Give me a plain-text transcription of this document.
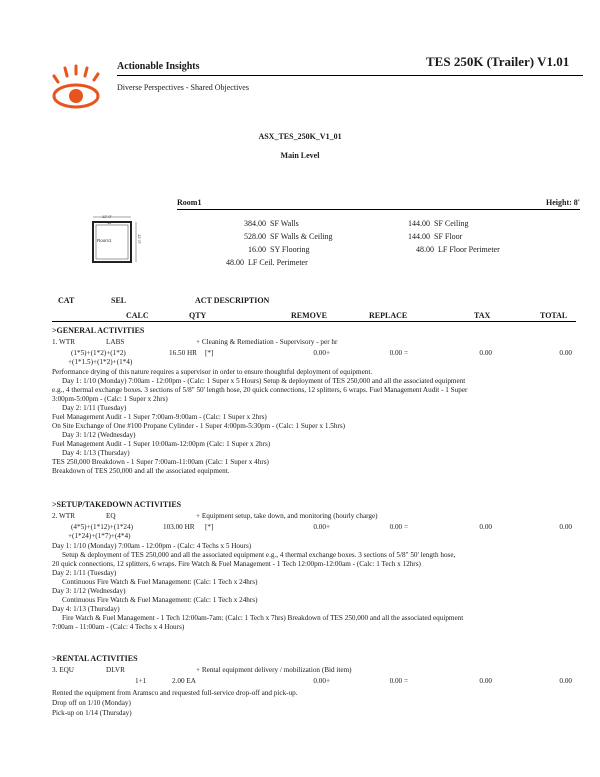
Actionable Insights
Diverse Perspectives - Shared Objectives
TES 250K (Trailer) V1.01
ASX_TES_250K_V1_01
Main Level
Room1	Height: 8'
12' 0"
12'
12' 0"
Room1
384.00 SF Walls
528.00 SF Walls & Ceiling
16.00 SY Flooring
48.00 LF Ceil. Perimeter
144.00 SF Ceiling
144.00 SF Floor
48.00 LF Floor Perimeter
CAT	SEL	ACT DESCRIPTION
CALC	QTY	REMOVE	REPLACE	TAX	TOTAL
>GENERAL ACTIVITIES
1. WTR	LABS	+ Cleaning & Remediation - Supervisory - per hr
(1*5)+(1*2)+(1*2)	16.50 HR [*]	0.00+	0.00 =	0.00	0.00
+(1*1.5)+(1*2)+(1*4)
Performance drying of this nature requires a supervisor in order to ensure thoughtful deployment of equipment.
Day 1: 1/10 (Monday) 7:00am - 12:00pm - (Calc: 1 Super x 5 Hours) Setup & deployment of TES 250,000 and all the associated equipment
e.g., 4 thermal exchange boxes. 3 sections of 5/8" 50' length hose, 20 quick connections, 12 splitters, 6 wraps. Fuel Management Audit - 1 Super
3:00pm-5:00pm - (Calc: 1 Super x 2hrs)
Day 2: 1/11 (Tuesday)
Fuel Management Audit - 1 Super 7:00am-9:00am - (Calc: 1 Super x 2hrs)
On Site Exchange of One #100 Propane Cylinder - 1 Super 4:00pm-5:30pm - (Calc: 1 Super x 1.5hrs)
Day 3: 1/12 (Wednesday)
Fuel Management Audit - 1 Super 10:00am-12:00pm (Calc: 1 Super x 2hrs)
Day 4: 1/13 (Thursday)
TES 250,000 Breakdown - 1 Super 7:00am-11:00am (Calc: 1 Super x 4hrs)
Breakdown of TES 250,000 and all the associated equipment.
>SETUP/TAKEDOWN ACTIVITIES
2. WTR	EQ	+ Equipment setup, take down, and monitoring (hourly charge)
(4*5)+(1*12)+(1*24)	103.00 HR [*]	0.00+	0.00 =	0.00	0.00
+(1*24)+(1*7)+(4*4)
Day 1: 1/10 (Monday) 7:00am - 12:00pm - (Calc: 4 Techs x 5 Hours)
Setup & deployment of TES 250,000 and all the associated equipment e.g., 4 thermal exchange boxes. 3 sections of 5/8" 50' length hose,
20 quick connections, 12 splitters, 6 wraps. Fire Watch & Fuel Management - 1 Tech 12:00pm-12:00am - (Calc: 1 Tech x 12hrs)
Day 2: 1/11 (Tuesday)
Continuous Fire Watch & Fuel Management: (Calc: 1 Tech x 24hrs)
Day 3: 1/12 (Wednesday)
Continuous Fire Watch & Fuel Management: (Calc: 1 Tech x 24hrs)
Day 4: 1/13 (Thursday)
Fire Watch & Fuel Management - 1 Tech 12:00am-7am: (Calc: 1 Tech x 7hrs) Breakdown of TES 250,000 and all the associated equipment
7:00am - 11:00am - (Calc: 4 Techs x 4 Hours)
>RENTAL ACTIVITIES
3. EQU	DLVR	+ Rental equipment delivery / mobilization (Bid item)
1+1	2.00 EA	0.00+	0.00 =	0.00	0.00
Rented the equipment from Aramsco and requested full-service drop-off and pick-up.
Drop off on 1/10 (Monday)
Pick-up on 1/14 (Thursday)
